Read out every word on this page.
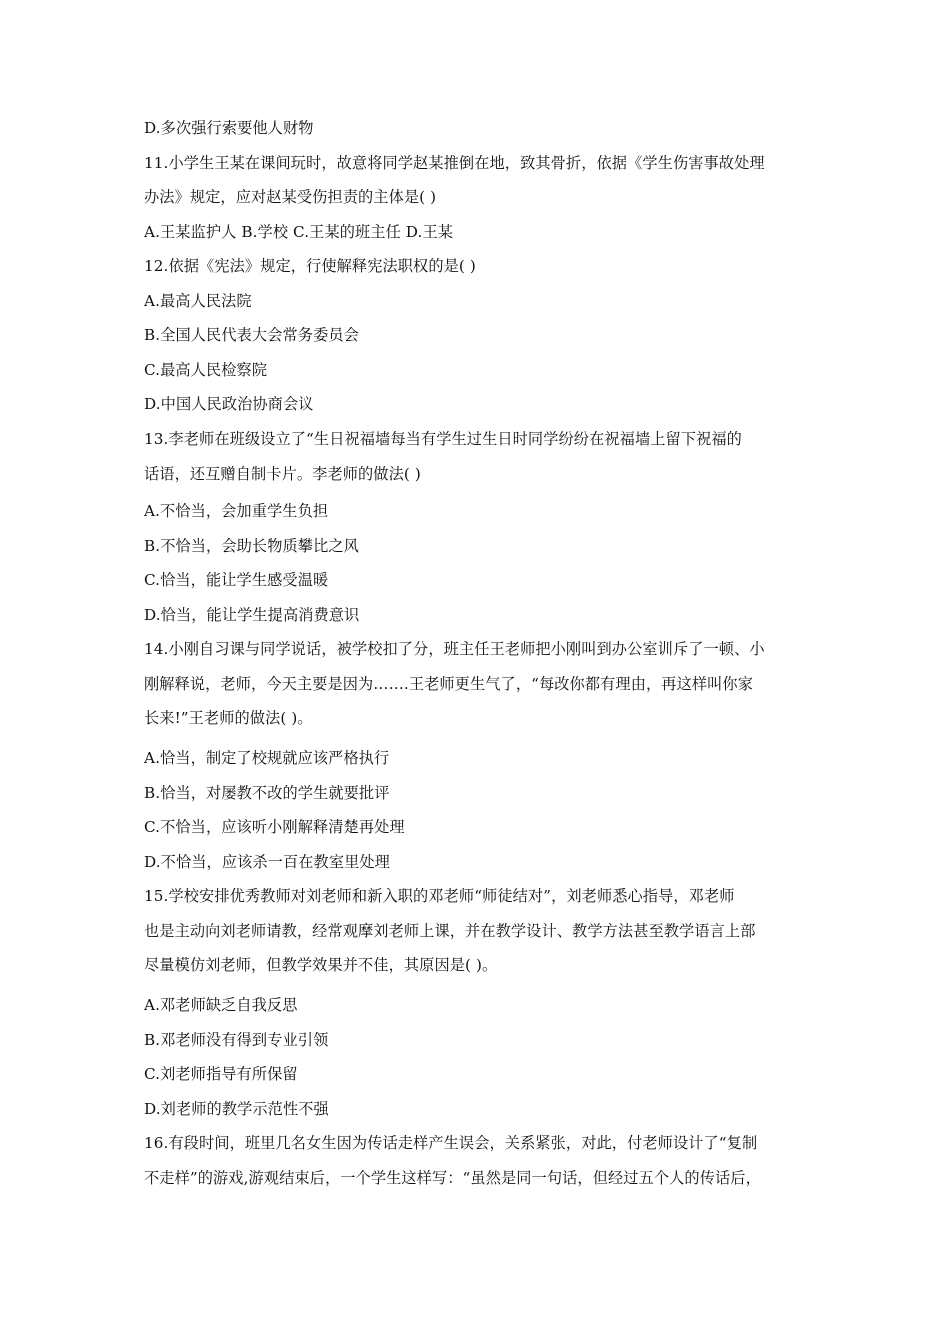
D.多次强行索要他人财物
11.小学生王某在课间玩时，故意将同学赵某推倒在地，致其骨折，依据《学生伤害事故处理
办法》规定，应对赵某受伤担责的主体是( )
A.王某监护人 B.学校 C.王某的班主任 D.王某
12.依据《宪法》规定，行使解释宪法职权的是( )
A.最高人民法院
B.全国人民代表大会常务委员会
C.最高人民检察院
D.中国人民政治协商会议
13.李老师在班级设立了“生日祝福墙每当有学生过生日时同学纷纷在祝福墙上留下祝福的
话语，还互赠自制卡片。李老师的做法( )
A.不恰当，会加重学生负担
B.不恰当，会助长物质攀比之风
C.恰当，能让学生感受温暖
D.恰当，能让学生提高消费意识
14.小刚自习课与同学说话，被学校扣了分，班主任王老师把小刚叫到办公室训斥了一顿、小
刚解释说，老师，今天主要是因为…….王老师更生气了，“每改你都有理由，再这样叫你家
长来!”王老师的做法( )。
A.恰当，制定了校规就应该严格执行
B.恰当，对屡教不改的学生就要批评
C.不恰当，应该听小刚解释清楚再处理
D.不恰当，应该杀一百在教室里处理
15.学校安排优秀教师对刘老师和新入职的邓老师“师徒结对”，刘老师悉心指导，邓老师
也是主动向刘老师请教，经常观摩刘老师上课，并在教学设计、教学方法甚至教学语言上部
尽量模仿刘老师，但教学效果并不佳，其原因是( )。
A.邓老师缺乏自我反思
B.邓老师没有得到专业引领
C.刘老师指导有所保留
D.刘老师的教学示范性不强
16.有段时间，班里几名女生因为传话走样产生误会，关系紧张，对此，付老师设计了“复制
不走样”的游戏,游观结束后，一个学生这样写：“虽然是同一句话，但经过五个人的传话后，
